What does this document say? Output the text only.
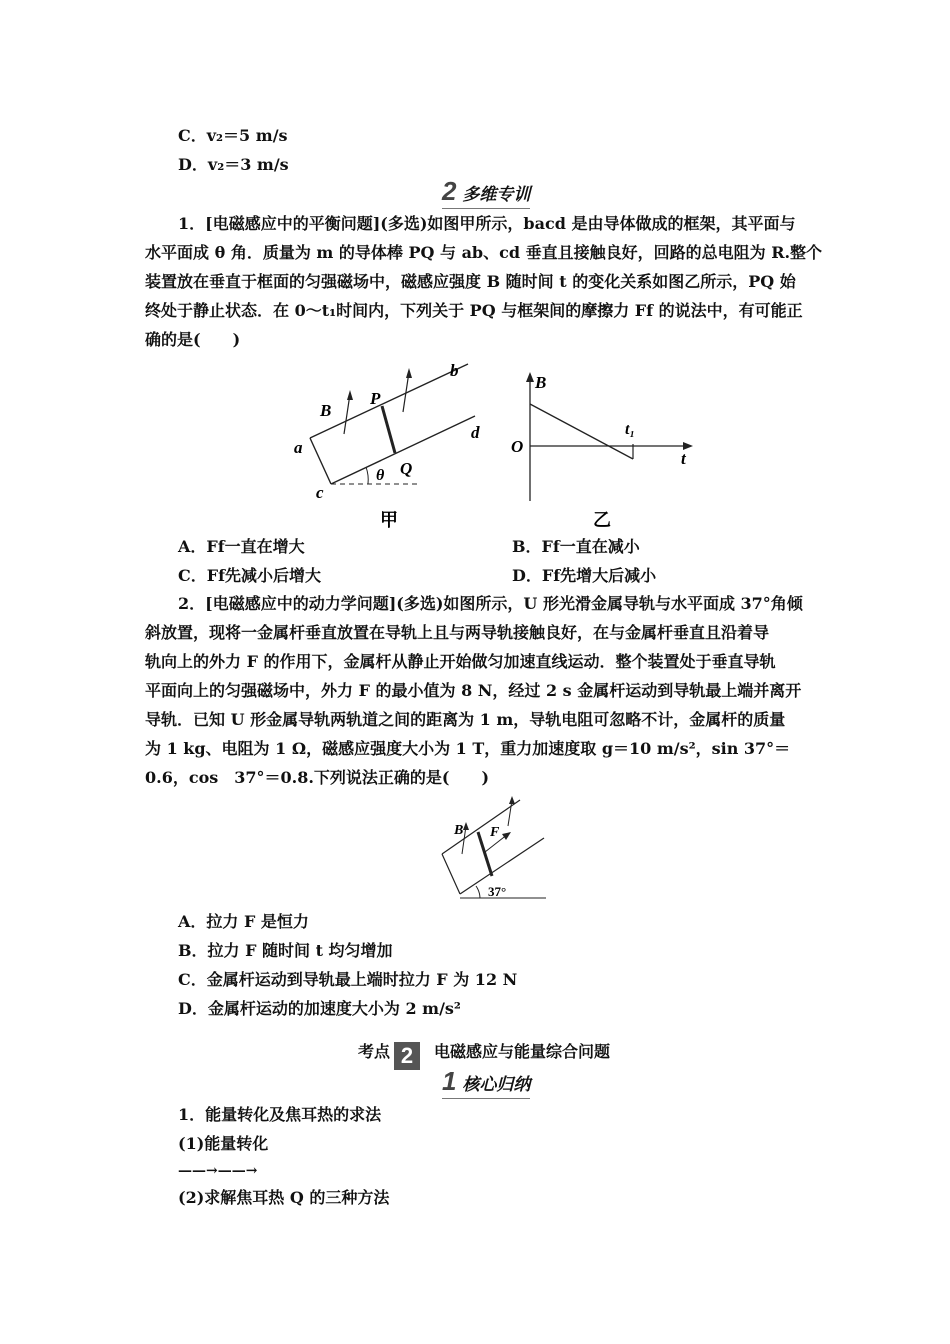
C．v₂＝5 m/s
D．v₂＝3 m/s
2 多维专训
1．[电磁感应中的平衡问题](多选)如图甲所示，bacd 是由导体做成的框架，其平面与
水平面成 θ 角．质量为 m 的导体棒 PQ 与 ab、cd 垂直且接触良好，回路的总电阻为 R.整个
装置放在垂直于框面的匀强磁场中，磁感应强度 B 随时间 t 的变化关系如图乙所示，PQ 始
终处于静止状态．在 0～t₁时间内，下列关于 PQ 与框架间的摩擦力 Ff 的说法中，有可能正
确的是(　　)
b
P
B
a
d
Q
θ
c
甲
B
O
t₁
t
乙
A．Ff一直在增大	B．Ff一直在减小
C．Ff先减小后增大	D．Ff先增大后减小
2．[电磁感应中的动力学问题](多选)如图所示，U 形光滑金属导轨与水平面成 37°角倾
斜放置，现将一金属杆垂直放置在导轨上且与两导轨接触良好，在与金属杆垂直且沿着导
轨向上的外力 F 的作用下，金属杆从静止开始做匀加速直线运动．整个装置处于垂直导轨
平面向上的匀强磁场中，外力 F 的最小值为 8 N，经过 2 s 金属杆运动到导轨最上端并离开
导轨．已知 U 形金属导轨两轨道之间的距离为 1 m，导轨电阻可忽略不计，金属杆的质量
为 1 kg、电阻为 1 Ω，磁感应强度大小为 1 T，重力加速度取 g＝10 m/s²，sin 37°＝
0.6，cos　37°＝0.8.下列说法正确的是(　　)
B F
37°
A．拉力 F 是恒力
B．拉力 F 随时间 t 均匀增加
C．金属杆运动到导轨最上端时拉力 F 为 12 N
D．金属杆运动的加速度大小为 2 m/s²
考点 2 电磁感应与能量综合问题
1 核心归纳
1．能量转化及焦耳热的求法
(1)能量转化
——→——→
(2)求解焦耳热 Q 的三种方法
